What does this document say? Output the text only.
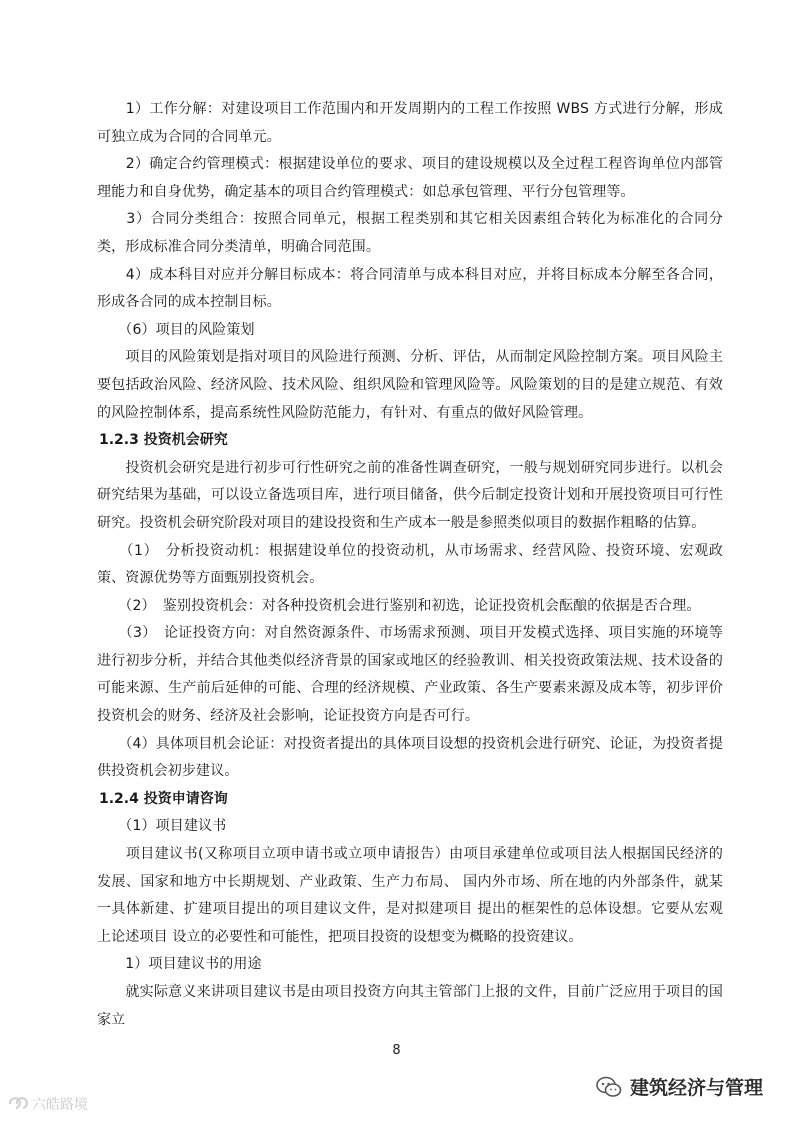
　　1）工作分解：对建设项目工作范围内和开发周期内的工程工作按照 WBS 方式进行分解，形成可独立成为合同的合同单元。

　　2）确定合约管理模式：根据建设单位的要求、项目的建设规模以及全过程工程咨询单位内部管理能力和自身优势，确定基本的项目合约管理模式：如总承包管理、平行分包管理等。

　　3）合同分类组合：按照合同单元，根据工程类别和其它相关因素组合转化为标准化的合同分类，形成标准合同分类清单，明确合同范围。

　　4）成本科目对应并分解目标成本：将合同清单与成本科目对应，并将目标成本分解至各合同，形成各合同的成本控制目标。

　　（6）项目的风险策划

　　项目的风险策划是指对项目的风险进行预测、分析、评估，从而制定风险控制方案。项目风险主要包括政治风险、经济风险、技术风险、组织风险和管理风险等。风险策划的目的是建立规范、有效的风险控制体系，提高系统性风险防范能力，有针对、有重点的做好风险管理。

1.2.3 投资机会研究

　　投资机会研究是进行初步可行性研究之前的准备性调查研究，一般与规划研究同步进行。以机会研究结果为基础，可以设立备选项目库，进行项目储备，供今后制定投资计划和开展投资项目可行性研究。投资机会研究阶段对项目的建设投资和生产成本一般是参照类似项目的数据作粗略的估算。

　　（1）　分析投资动机：根据建设单位的投资动机，从市场需求、经营风险、投资环境、宏观政策、资源优势等方面甄别投资机会。

　　（2）　鉴别投资机会：对各种投资机会进行鉴别和初选，论证投资机会酝酿的依据是否合理。

　　（3）　论证投资方向：对自然资源条件、市场需求预测、项目开发模式选择、项目实施的环境等进行初步分析，并结合其他类似经济背景的国家或地区的经验教训、相关投资政策法规、技术设备的可能来源、生产前后延伸的可能、合理的经济规模、产业政策、各生产要素来源及成本等，初步评价投资机会的财务、经济及社会影响，论证投资方向是否可行。

　　（4）具体项目机会论证：对投资者提出的具体项目设想的投资机会进行研究、论证，为投资者提供投资机会初步建议。

1.2.4 投资申请咨询

　　（1）项目建议书

　　项目建议书(又称项目立项申请书或立项申请报告）由项目承建单位或项目法人根据国民经济的发展、国家和地方中长期规划、产业政策、生产力布局、 国内外市场、所在地的内外部条件，就某一具体新建、扩建项目提出的项目建议文件，是对拟建项目 提出的框架性的总体设想。它要从宏观上论述项目 设立的必要性和可能性，把项目投资的设想变为概略的投资建议。

　　1）项目建议书的用途

　　就实际意义来讲项目建议书是由项目投资方向其主管部门上报的文件，目前广泛应用于项目的国家立

8
建筑经济与管理
六皓路境
